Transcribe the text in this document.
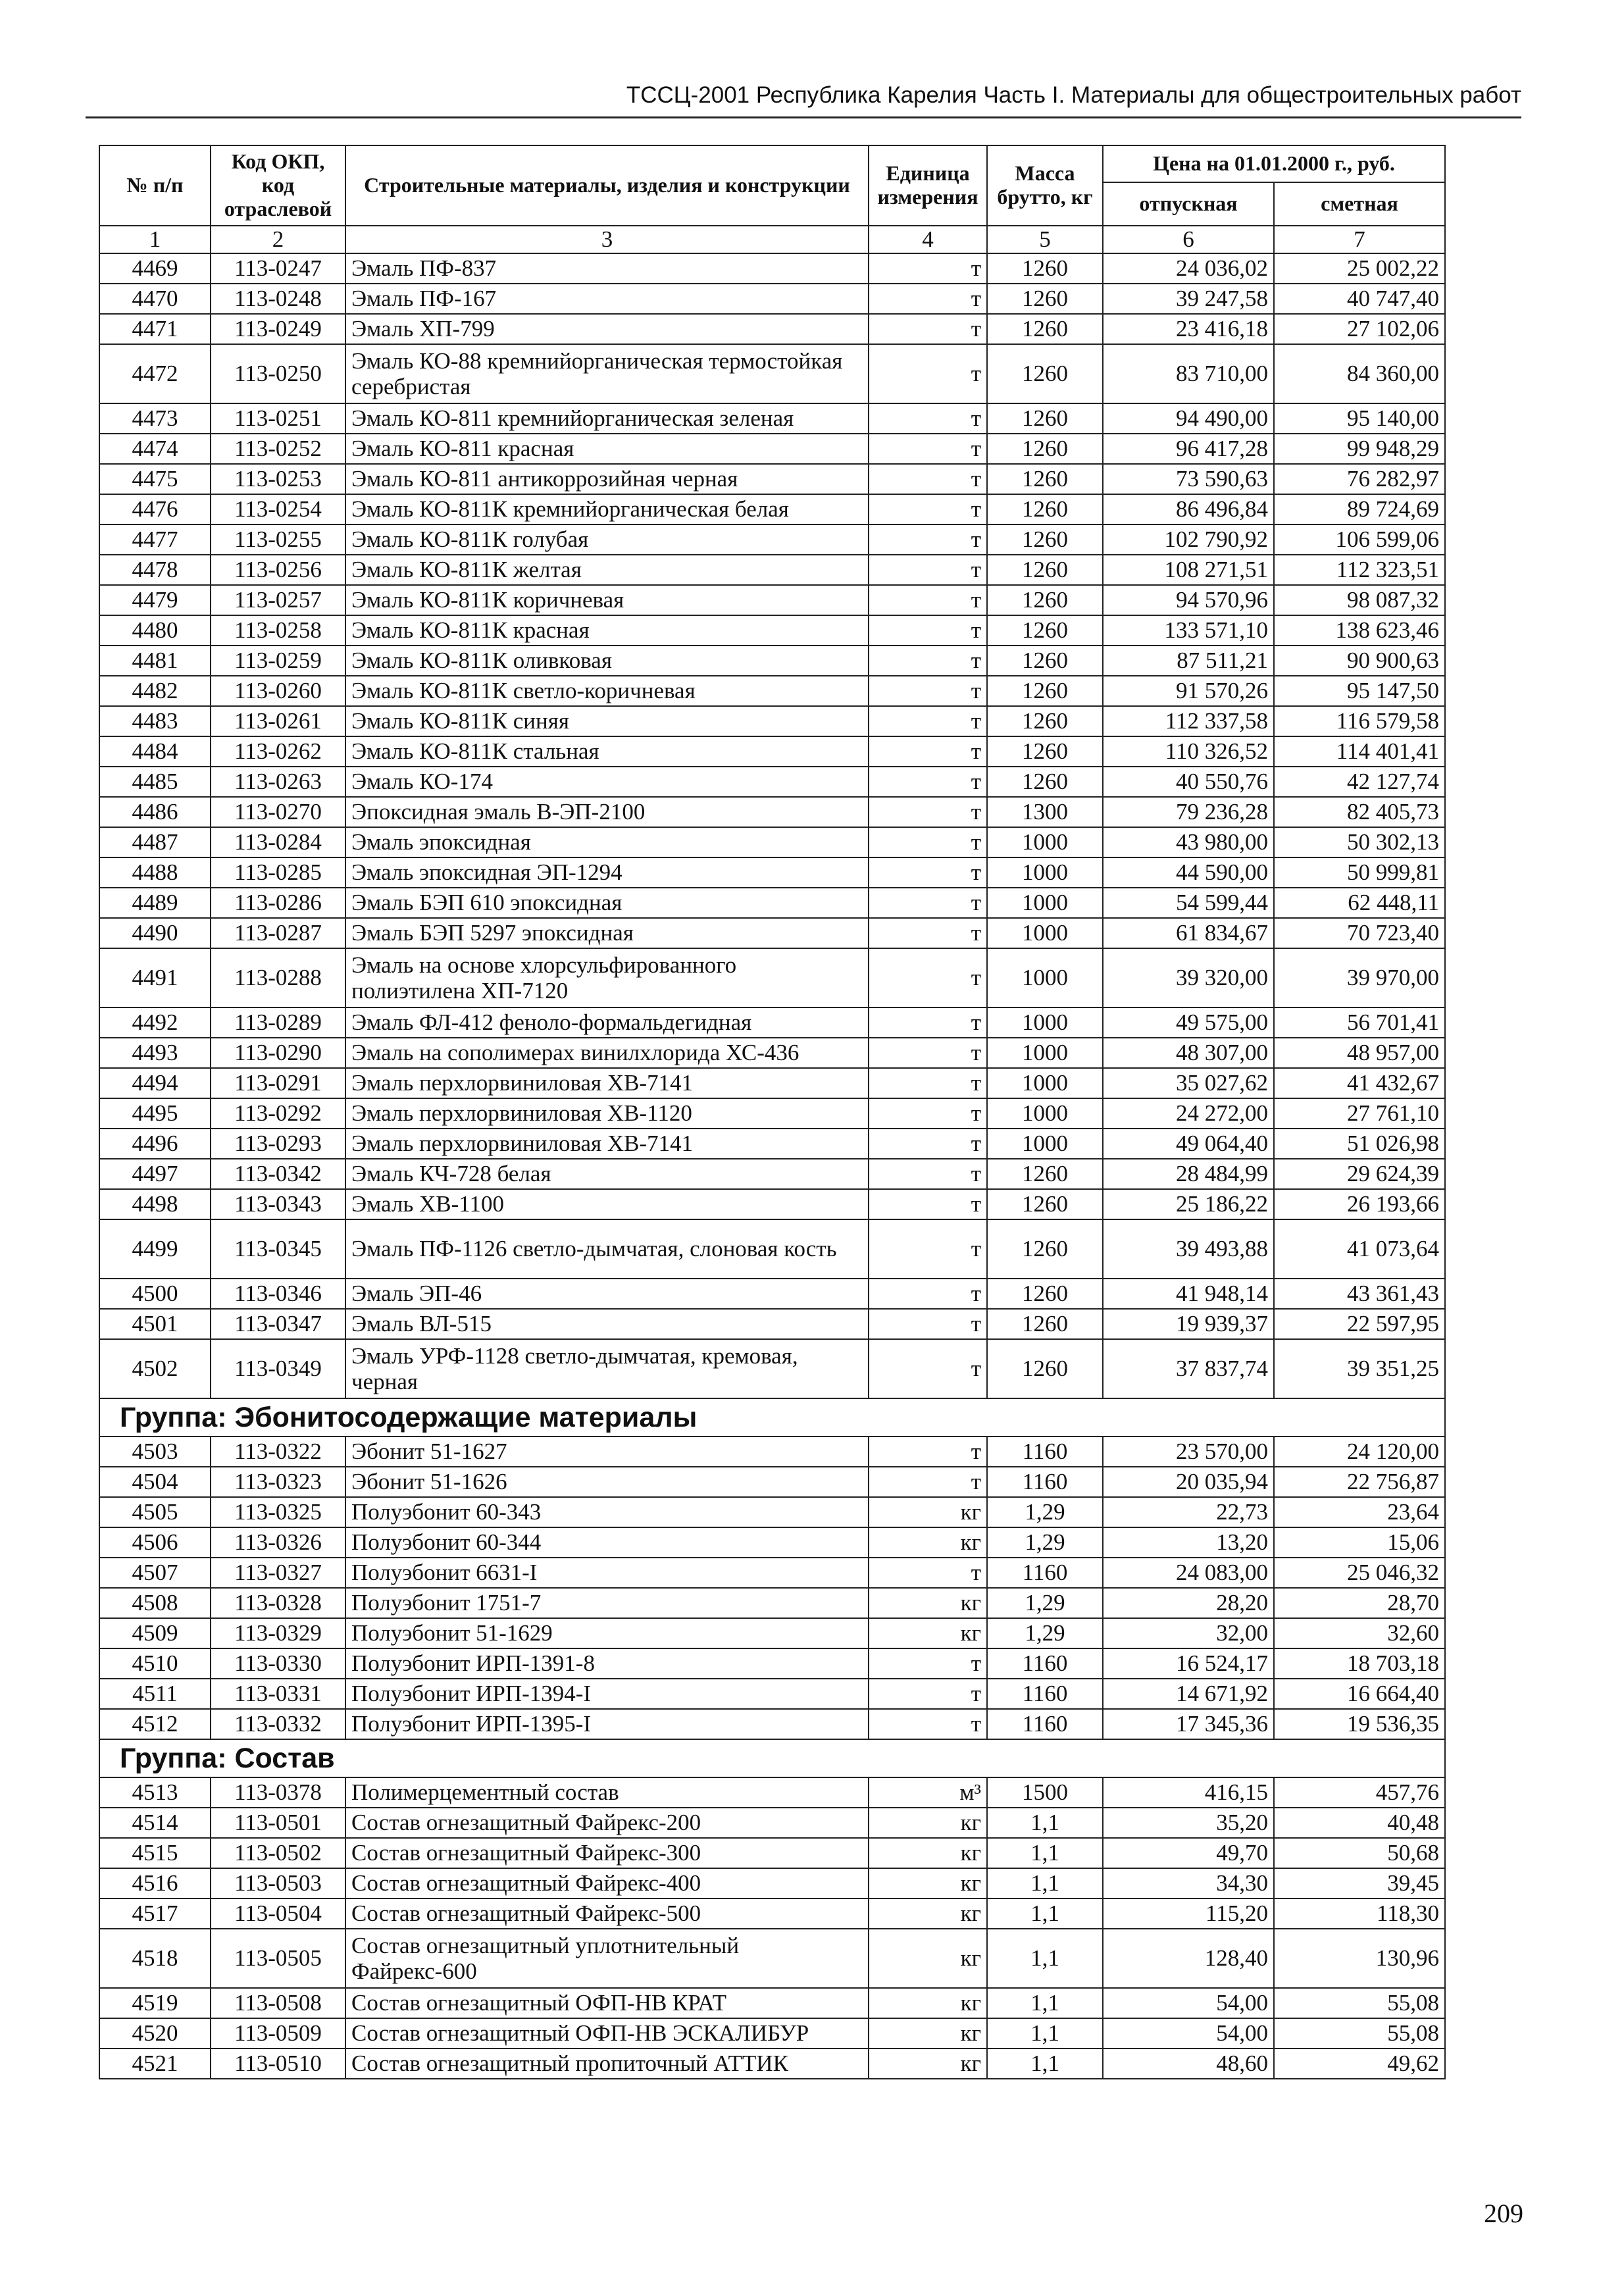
ТССЦ-2001 Республика Карелия Часть I. Материалы для общестроительных работ
№ п/п	Код ОКП, код отраслевой	Строительные материалы, изделия и конструкции	Единица измерения	Масса брутто, кг	Цена на 01.01.2000 г., руб.	
					отпускная	сметная
1	2	3	4	5	6	7
4469	113-0247	Эмаль ПФ-837	т	1260	24 036,02	25 002,22
4470	113-0248	Эмаль ПФ-167	т	1260	39 247,58	40 747,40
4471	113-0249	Эмаль ХП-799	т	1260	23 416,18	27 102,06
4472	113-0250	Эмаль КО-88 кремнийорганическая термостойкая серебристая	т	1260	83 710,00	84 360,00
4473	113-0251	Эмаль КО-811 кремнийорганическая зеленая	т	1260	94 490,00	95 140,00
4474	113-0252	Эмаль КО-811 красная	т	1260	96 417,28	99 948,29
4475	113-0253	Эмаль КО-811 антикоррозийная черная	т	1260	73 590,63	76 282,97
4476	113-0254	Эмаль КО-811К кремнийорганическая белая	т	1260	86 496,84	89 724,69
4477	113-0255	Эмаль КО-811К голубая	т	1260	102 790,92	106 599,06
4478	113-0256	Эмаль КО-811К желтая	т	1260	108 271,51	112 323,51
4479	113-0257	Эмаль КО-811К коричневая	т	1260	94 570,96	98 087,32
4480	113-0258	Эмаль КО-811К красная	т	1260	133 571,10	138 623,46
4481	113-0259	Эмаль КО-811К оливковая	т	1260	87 511,21	90 900,63
4482	113-0260	Эмаль КО-811К светло-коричневая	т	1260	91 570,26	95 147,50
4483	113-0261	Эмаль КО-811К синяя	т	1260	112 337,58	116 579,58
4484	113-0262	Эмаль КО-811К стальная	т	1260	110 326,52	114 401,41
4485	113-0263	Эмаль КО-174	т	1260	40 550,76	42 127,74
4486	113-0270	Эпоксидная эмаль В-ЭП-2100	т	1300	79 236,28	82 405,73
4487	113-0284	Эмаль эпоксидная	т	1000	43 980,00	50 302,13
4488	113-0285	Эмаль эпоксидная ЭП-1294	т	1000	44 590,00	50 999,81
4489	113-0286	Эмаль БЭП 610 эпоксидная	т	1000	54 599,44	62 448,11
4490	113-0287	Эмаль БЭП 5297 эпоксидная	т	1000	61 834,67	70 723,40
4491	113-0288	Эмаль на основе хлорсульфированного полиэтилена ХП-7120	т	1000	39 320,00	39 970,00
4492	113-0289	Эмаль ФЛ-412 феноло-формальдегидная	т	1000	49 575,00	56 701,41
4493	113-0290	Эмаль на сополимерах винилхлорида ХС-436	т	1000	48 307,00	48 957,00
4494	113-0291	Эмаль перхлорвиниловая ХВ-7141	т	1000	35 027,62	41 432,67
4495	113-0292	Эмаль перхлорвиниловая ХВ-1120	т	1000	24 272,00	27 761,10
4496	113-0293	Эмаль перхлорвиниловая ХВ-7141	т	1000	49 064,40	51 026,98
4497	113-0342	Эмаль КЧ-728 белая	т	1260	28 484,99	29 624,39
4498	113-0343	Эмаль ХВ-1100	т	1260	25 186,22	26 193,66
4499	113-0345	Эмаль ПФ-1126 светло-дымчатая, слоновая кость	т	1260	39 493,88	41 073,64
4500	113-0346	Эмаль ЭП-46	т	1260	41 948,14	43 361,43
4501	113-0347	Эмаль ВЛ-515	т	1260	19 939,37	22 597,95
4502	113-0349	Эмаль УРФ-1128 светло-дымчатая, кремовая, черная	т	1260	37 837,74	39 351,25
Группа: Эбонитосодержащие материалы						
4503	113-0322	Эбонит 51-1627	т	1160	23 570,00	24 120,00
4504	113-0323	Эбонит 51-1626	т	1160	20 035,94	22 756,87
4505	113-0325	Полуэбонит 60-343	кг	1,29	22,73	23,64
4506	113-0326	Полуэбонит 60-344	кг	1,29	13,20	15,06
4507	113-0327	Полуэбонит 6631-I	т	1160	24 083,00	25 046,32
4508	113-0328	Полуэбонит 1751-7	кг	1,29	28,20	28,70
4509	113-0329	Полуэбонит 51-1629	кг	1,29	32,00	32,60
4510	113-0330	Полуэбонит ИРП-1391-8	т	1160	16 524,17	18 703,18
4511	113-0331	Полуэбонит ИРП-1394-I	т	1160	14 671,92	16 664,40
4512	113-0332	Полуэбонит ИРП-1395-I	т	1160	17 345,36	19 536,35
Группа: Состав						
4513	113-0378	Полимерцементный состав	м³	1500	416,15	457,76
4514	113-0501	Состав огнезащитный Файрекс-200	кг	1,1	35,20	40,48
4515	113-0502	Состав огнезащитный Файрекс-300	кг	1,1	49,70	50,68
4516	113-0503	Состав огнезащитный Файрекс-400	кг	1,1	34,30	39,45
4517	113-0504	Состав огнезащитный Файрекс-500	кг	1,1	115,20	118,30
4518	113-0505	Состав огнезащитный уплотнительный Файрекс-600	кг	1,1	128,40	130,96
4519	113-0508	Состав огнезащитный ОФП-НВ КРАТ	кг	1,1	54,00	55,08
4520	113-0509	Состав огнезащитный ОФП-НВ ЭСКАЛИБУР	кг	1,1	54,00	55,08
4521	113-0510	Состав огнезащитный пропиточный АТТИК	кг	1,1	48,60	49,62
209
